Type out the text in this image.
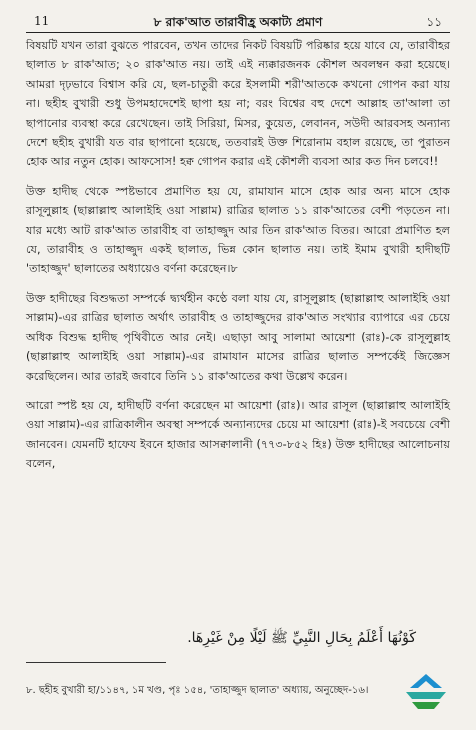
11	৮ রাক'আত তারাবীহ্র অকাট্য প্রমাণ	১১

বিষয়টি যখন তারা বুঝতে পারবেন, তখন তাদের নিকট বিষয়টি পরিষ্কার হয়ে যাবে যে, তারাবীহর ছালাত ৮ রাক'আত; ২০ রাক'আত নয়। তাই এই ন্যক্কারজনক কৌশল অবলম্বন করা হয়েছে। আমরা দৃঢ়ভাবে বিশ্বাস করি যে, ছল-চাতুরী করে ইসলামী শরী'আতকে কখনো গোপন করা যায় না। ছহীহ বুখারী শুধু উপমহাদেশেই ছাপা হয় না; বরং বিশ্বের বহু দেশে আল্লাহ তা'আলা তা ছাপানোর ব্যবস্থা করে রেখেছেন। তাই সিরিয়া, মিসর, কুয়েত, লেবানন, সউদী আরবসহ অন্যান্য দেশে ছহীহ বুখারী যত বার ছাপানো হয়েছে, ততবারই উক্ত শিরোনাম বহাল রয়েছে, তা পুরাতন হোক আর নতুন হোক। আফসোস! হক্ব গোপন করার এই কৌশলী ব্যবসা আর কত দিন চলবে!!

উক্ত হাদীছ থেকে স্পষ্টভাবে প্রমাণিত হয় যে, রামাযান মাসে হোক আর অন্য মাসে হোক রাসূলুল্লাহ (ছাল্লাল্লাহু আলাইহি ওয়া সাল্লাম) রাত্রির ছালাত ১১ রাক'আতের বেশী পড়তেন না। যার মধ্যে আট রাক'আত তারাবীহ বা তাহাজ্জুদ আর তিন রাক'আত বিতর। আরো প্রমাণিত হল যে, তারাবীহ ও তাহাজ্জুদ একই ছালাত, ভিন্ন কোন ছালাত নয়। তাই ইমাম বুখারী হাদীছটি 'তাহাজ্জুদ' ছালাতের অধ্যায়েও বর্ণনা করেছেন।৮

উক্ত হাদীছের বিশুদ্ধতা সম্পর্কে দ্ব্যর্থহীন কণ্ঠে বলা যায় যে, রাসূলুল্লাহ (ছাল্লাল্লাহু আলাইহি ওয়া সাল্লাম)-এর রাত্রির ছালাত অর্থাৎ তারাবীহ ও তাহাজ্জুদের রাক'আত সংখ্যার ব্যাপারে এর চেয়ে অধিক বিশুদ্ধ হাদীছ পৃথিবীতে আর নেই। এছাড়া আবু সালামা আয়েশা (রাঃ)-কে রাসূলুল্লাহ (ছাল্লাল্লাহু আলাইহি ওয়া সাল্লাম)-এর রামাযান মাসের রাত্রির ছালাত সম্পর্কেই জিজ্ঞেস করেছিলেন। আর তারই জবাবে তিনি ১১ রাক'আতের কথা উল্লেখ করেন।

আরো স্পষ্ট হয় যে, হাদীছটি বর্ণনা করেছেন মা আয়েশা (রাঃ)। আর রাসূল (ছাল্লাল্লাহু আলাইহি ওয়া সাল্লাম)-এর রাত্রিকালীন অবস্থা সম্পর্কে অন্যান্যদের চেয়ে মা আয়েশা (রাঃ)-ই সবচেয়ে বেশী জানবেন। যেমনটি হাফেয ইবনে হাজার আসক্বালানী (৭৭৩-৮৫২ হিঃ) উক্ত হাদীছের আলোচনায় বলেন,

كَوْنُهَا أَعْلَمُ بِحَالِ النَّبِيِّ ﷺ لَيْلًا مِنْ غَيْرِهَا.
৮. ছহীহ বুখারী হা/১১৪৭, ১ম খণ্ড, পৃঃ ১৫৪, 'তাহাজ্জুদ ছালাত' অধ্যায়, অনুচ্ছেদ-১৬।
